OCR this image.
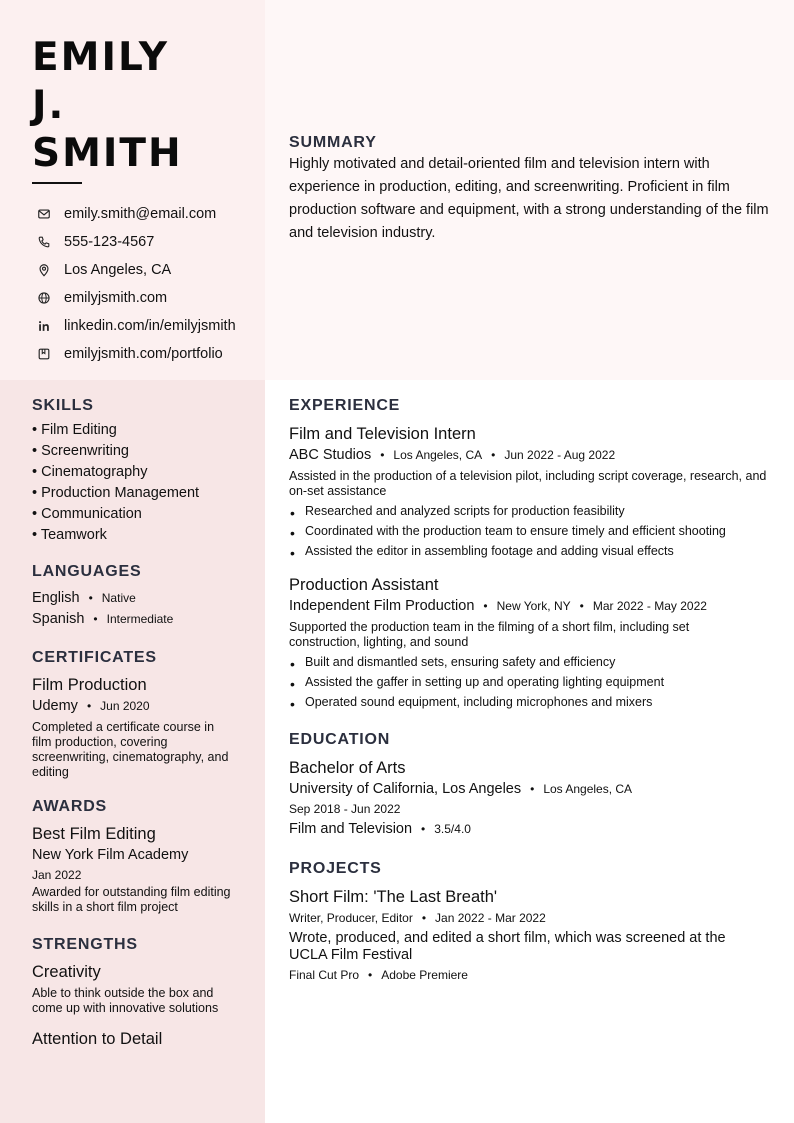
EMILY
J.
SMITH
emily.smith@email.com
555-123-4567
Los Angeles, CA
emilyjsmith.com
linkedin.com/in/emilyjsmith
emilyjsmith.com/portfolio
SUMMARY
Highly motivated and detail-oriented film and television intern with experience in production, editing, and screenwriting. Proficient in film production software and equipment, with a strong understanding of the film and television industry.
SKILLS
• Film Editing
• Screenwriting
• Cinematography
• Production Management
• Communication
• Teamwork
LANGUAGES
English • Native
Spanish • Intermediate
CERTIFICATES
Film Production
Udemy • Jun 2020
Completed a certificate course in film production, covering screenwriting, cinematography, and editing
AWARDS
Best Film Editing
New York Film Academy
Jan 2022
Awarded for outstanding film editing skills in a short film project
STRENGTHS
Creativity
Able to think outside the box and come up with innovative solutions
Attention to Detail
EXPERIENCE
Film and Television Intern
ABC Studios • Los Angeles, CA • Jun 2022 - Aug 2022
Assisted in the production of a television pilot, including script coverage, research, and on-set assistance
• Researched and analyzed scripts for production feasibility
• Coordinated with the production team to ensure timely and efficient shooting
• Assisted the editor in assembling footage and adding visual effects
Production Assistant
Independent Film Production • New York, NY • Mar 2022 - May 2022
Supported the production team in the filming of a short film, including set construction, lighting, and sound
• Built and dismantled sets, ensuring safety and efficiency
• Assisted the gaffer in setting up and operating lighting equipment
• Operated sound equipment, including microphones and mixers
EDUCATION
Bachelor of Arts
University of California, Los Angeles • Los Angeles, CA
Sep 2018 - Jun 2022
Film and Television • 3.5/4.0
PROJECTS
Short Film: 'The Last Breath'
Writer, Producer, Editor • Jan 2022 - Mar 2022
Wrote, produced, and edited a short film, which was screened at the UCLA Film Festival
Final Cut Pro • Adobe Premiere
